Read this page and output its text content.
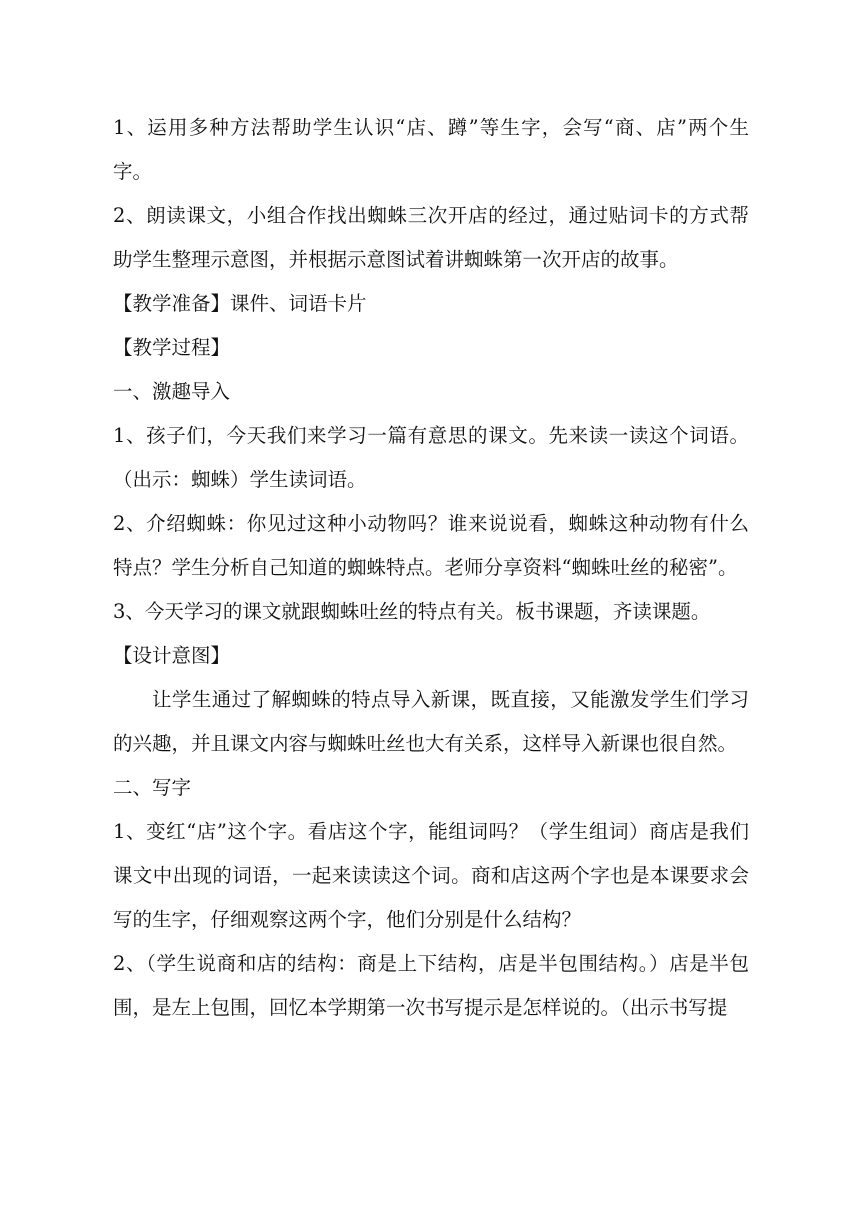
1、运用多种方法帮助学生认识“店、蹲”等生字，会写“商、店”两个生字。

2、朗读课文，小组合作找出蜘蛛三次开店的经过，通过贴词卡的方式帮助学生整理示意图，并根据示意图试着讲蜘蛛第一次开店的故事。

【教学准备】课件、词语卡片

【教学过程】

一、激趣导入

1、孩子们，今天我们来学习一篇有意思的课文。先来读一读这个词语。（出示：蜘蛛）学生读词语。

2、介绍蜘蛛：你见过这种小动物吗？谁来说说看，蜘蛛这种动物有什么特点？学生分析自己知道的蜘蛛特点。老师分享资料“蜘蛛吐丝的秘密”。

3、今天学习的课文就跟蜘蛛吐丝的特点有关。板书课题，齐读课题。

【设计意图】

让学生通过了解蜘蛛的特点导入新课，既直接，又能激发学生们学习的兴趣，并且课文内容与蜘蛛吐丝也大有关系，这样导入新课也很自然。

二、写字

1、变红“店”这个字。看店这个字，能组词吗？（学生组词）商店是我们课文中出现的词语，一起来读读这个词。商和店这两个字也是本课要求会写的生字，仔细观察这两个字，他们分别是什么结构？

2、（学生说商和店的结构：商是上下结构，店是半包围结构。）店是半包围，是左上包围，回忆本学期第一次书写提示是怎样说的。（出示书写提
